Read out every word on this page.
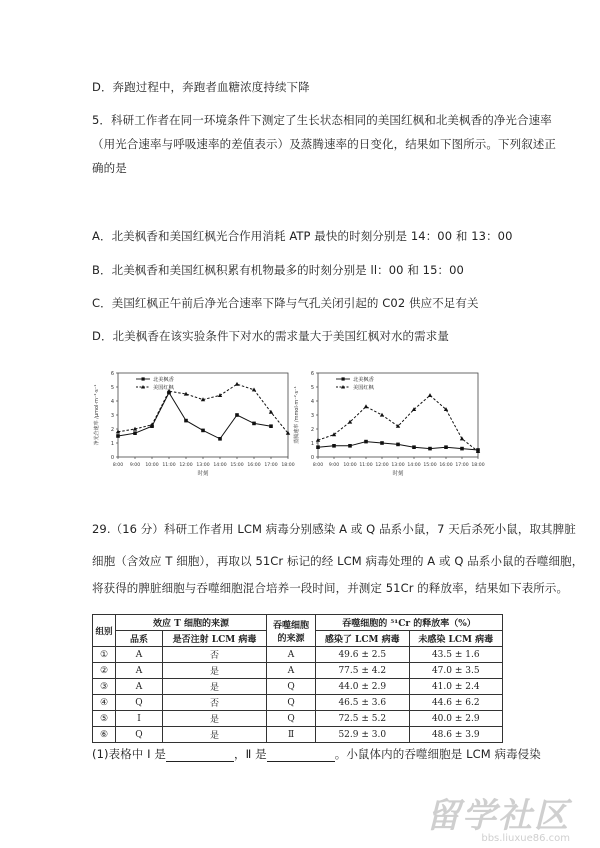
D．奔跑过程中，奔跑者血糖浓度持续下降
5．科研工作者在同一环境条件下测定了生长状态相同的美国红枫和北美枫香的净光合速率
（用光合速率与呼吸速率的差值表示）及蒸腾速率的日变化，结果如下图所示。下列叙述正
确的是
A．北美枫香和美国红枫光合作用消耗 ATP 最快的时刻分别是 14：00 和 13：00
B．北美枫香和美国红枫积累有机物最多的时刻分别是 ll：00 和 15：00
C．美国红枫正午前后净光合速率下降与气孔关闭引起的 C02 供应不足有关
D．北美枫香在该实验条件下对水的需求量大于美国红枫对水的需求量
0
1
2
3
4
5
6
8:00 9:00 10:00 11:00 12:00 13:00 14:00 15:00 16:00 17:00 18:00
时刻
净光合速率 /μmol·m⁻²·s⁻¹
北美枫香
美国红枫
0
1
2
3
4
5
6
8:00 9:00 10:00 11:00 12:00 13:00 14:00 15:00 16:00 17:00 18:00
时刻
蒸腾速率 /mmol·m⁻²·s⁻¹
北美枫香
美国红枫
29.（16 分）科研工作者用 LCM 病毒分别感染 A 或 Q 品系小鼠，7 天后杀死小鼠，取其脾脏
细胞（含效应 T 细胞），再取以 51Cr 标记的经 LCM 病毒处理的 A 或 Q 品系小鼠的吞噬细胞，
将获得的脾脏细胞与吞噬细胞混合培养一段时间，并测定 51Cr 的释放率，结果如下表所示。
组别	效应 T 细胞的来源		吞噬细胞的来源	吞噬细胞的 ⁵¹Cr 的释放率（%）	
	品系	是否注射 LCM 病毒		感染了 LCM 病毒	未感染 LCM 病毒
①	A	否	A	49.6 ± 2.5	43.5 ± 1.6
②	A	是	A	77.5 ± 4.2	47.0 ± 3.5
③	A	是	Q	44.0 ± 2.9	41.0 ± 2.4
④	Q	否	Q	46.5 ± 3.6	44.6 ± 6.2
⑤	Ⅰ	是	Q	72.5 ± 5.2	40.0 ± 2.9
⑥	Q	是	Ⅱ	52.9 ± 3.0	48.6 ± 3.9
(1)表格中 Ⅰ 是	，Ⅱ 是	。小鼠体内的吞噬细胞是 LCM 病毒侵染
留学社区
bbs.liuxue86.com
